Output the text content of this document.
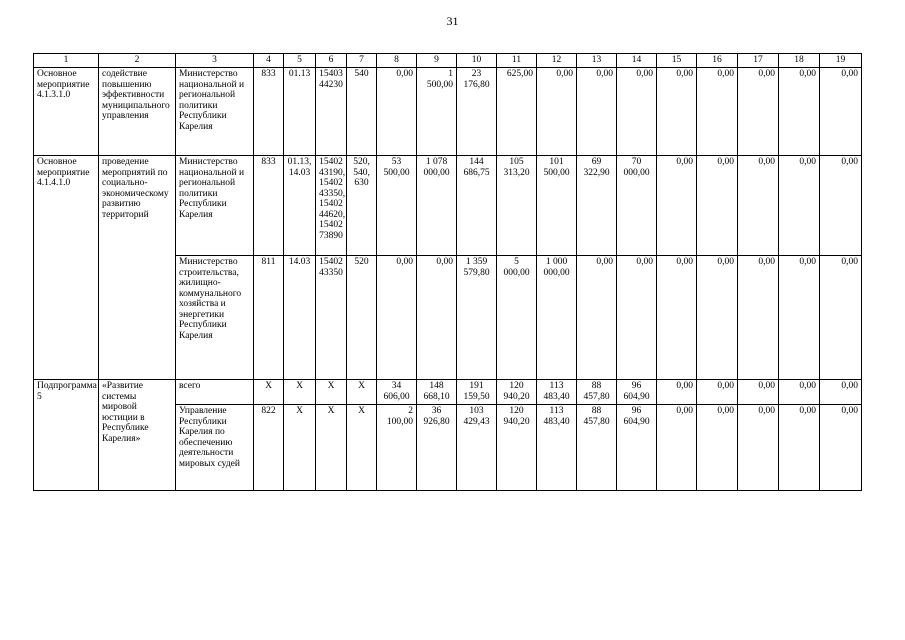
31
1	2	3	4	5	6	7	8	9	10	11	12	13	14	15	16	17	18	19
Основное мероприятие 4.1.3.1.0	содействие повышению эффективности муниципального управления	Министерство национальной и региональной политики Республики Карелия	833	01.13	15403 44230	540	0,00	1 500,00	23 176,80	625,00	0,00	0,00	0,00	0,00	0,00	0,00	0,00	0,00
Основное мероприятие 4.1.4.1.0	проведение мероприятий по социально-экономическому развитию территорий	Министерство национальной и региональной политики Республики Карелия	833	01.13, 14.03	15402 43190, 15402 43350, 15402 44620, 15402 73890	520, 540, 630	53 500,00	1 078 000,00	144 686,75	105 313,20	101 500,00	69 322,90	70 000,00	0,00	0,00	0,00	0,00	0,00
		Министерство строительства, жилищно-коммунального хозяйства и энергетики Республики Карелия	811	14.03	15402 43350	520	0,00	0,00	1 359 579,80	5 000,00	1 000 000,00	0,00	0,00	0,00	0,00	0,00	0,00	0,00
Подпрограмма 5	«Развитие системы мировой юстиции в Республике Карелия»	всего	X	X	X	X	34 606,00	148 668,10	191 159,50	120 940,20	113 483,40	88 457,80	96 604,90	0,00	0,00	0,00	0,00	0,00
		Управление Республики Карелия по обеспечению деятельности мировых судей	822	X	X	X	2 100,00	36 926,80	103 429,43	120 940,20	113 483,40	88 457,80	96 604,90	0,00	0,00	0,00	0,00	0,00
